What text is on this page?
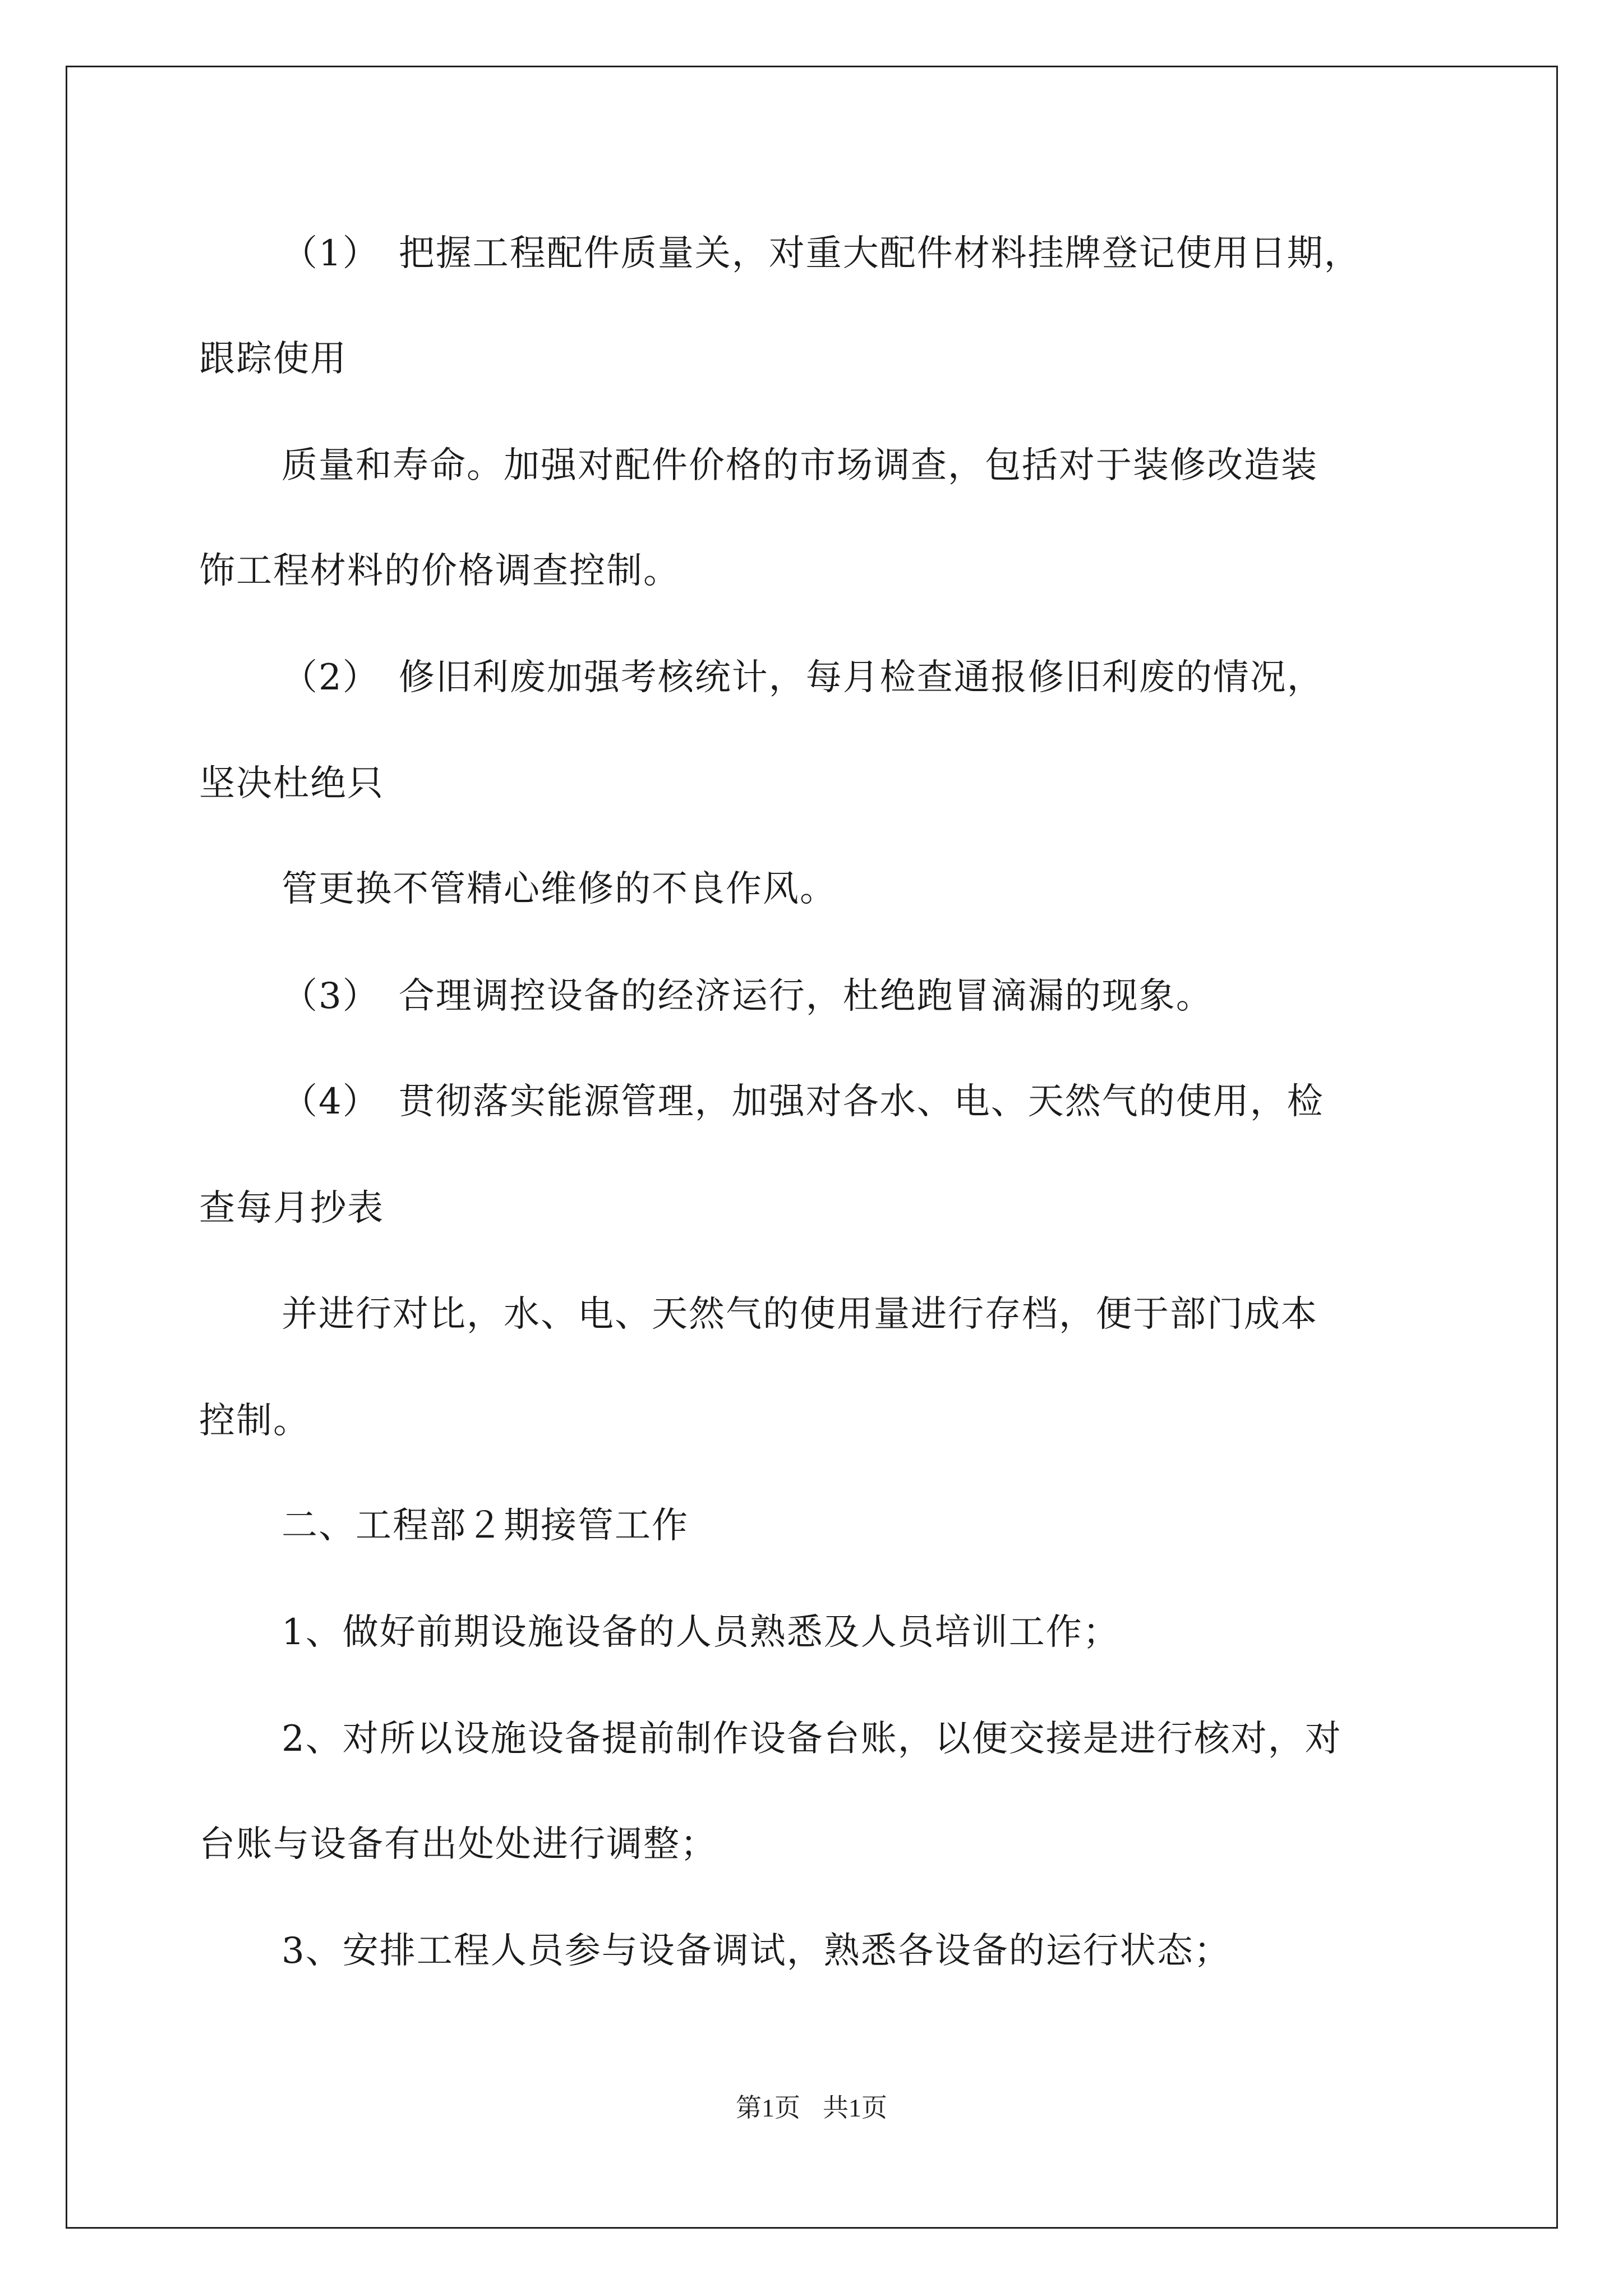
（1）　把握工程配件质量关，对重大配件材料挂牌登记使用日期，
跟踪使用
质量和寿命。加强对配件价格的市场调查，包括对于装修改造装
饰工程材料的价格调查控制。
（2）　修旧利废加强考核统计，每月检查通报修旧利废的情况，
坚决杜绝只
管更换不管精心维修的不良作风。
（3）　合理调控设备的经济运行，杜绝跑冒滴漏的现象。
（4）　贯彻落实能源管理，加强对各水、电、天然气的使用，检
查每月抄表
并进行对比，水、电、天然气的使用量进行存档，便于部门成本
控制。
二、工程部２期接管工作
1、做好前期设施设备的人员熟悉及人员培训工作；
2、对所以设施设备提前制作设备台账，以便交接是进行核对，对
台账与设备有出处处进行调整；
3、安排工程人员参与设备调试，熟悉各设备的运行状态；
第1页 共1页
